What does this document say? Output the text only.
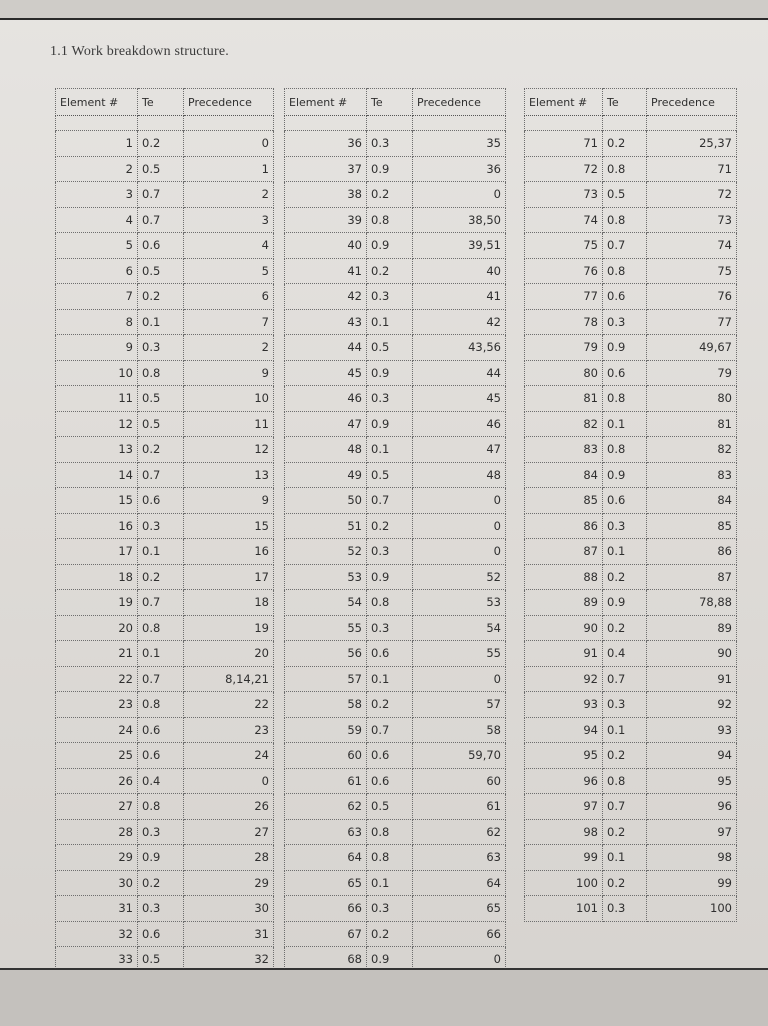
1.1 Work breakdown structure.
Element #	Te	Precedence

1	0.2	0
2	0.5	1
3	0.7	2
4	0.7	3
5	0.6	4
6	0.5	5
7	0.2	6
8	0.1	7
9	0.3	2
10	0.8	9
11	0.5	10
12	0.5	11
13	0.2	12
14	0.7	13
15	0.6	9
16	0.3	15
17	0.1	16
18	0.2	17
19	0.7	18
20	0.8	19
21	0.1	20
22	0.7	8,14,21
23	0.8	22
24	0.6	23
25	0.6	24
26	0.4	0
27	0.8	26
28	0.3	27
29	0.9	28
30	0.2	29
31	0.3	30
32	0.6	31
33	0.5	32

Element #	Te	Precedence

36	0.3	35
37	0.9	36
38	0.2	0
39	0.8	38,50
40	0.9	39,51
41	0.2	40
42	0.3	41
43	0.1	42
44	0.5	43,56
45	0.9	44
46	0.3	45
47	0.9	46
48	0.1	47
49	0.5	48
50	0.7	0
51	0.2	0
52	0.3	0
53	0.9	52
54	0.8	53
55	0.3	54
56	0.6	55
57	0.1	0
58	0.2	57
59	0.7	58
60	0.6	59,70
61	0.6	60
62	0.5	61
63	0.8	62
64	0.8	63
65	0.1	64
66	0.3	65
67	0.2	66
68	0.9	0

Element #	Te	Precedence

71	0.2	25,37
72	0.8	71
73	0.5	72
74	0.8	73
75	0.7	74
76	0.8	75
77	0.6	76
78	0.3	77
79	0.9	49,67
80	0.6	79
81	0.8	80
82	0.1	81
83	0.8	82
84	0.9	83
85	0.6	84
86	0.3	85
87	0.1	86
88	0.2	87
89	0.9	78,88
90	0.2	89
91	0.4	90
92	0.7	91
93	0.3	92
94	0.1	93
95	0.2	94
96	0.8	95
97	0.7	96
98	0.2	97
99	0.1	98
100	0.2	99
101	0.3	100
